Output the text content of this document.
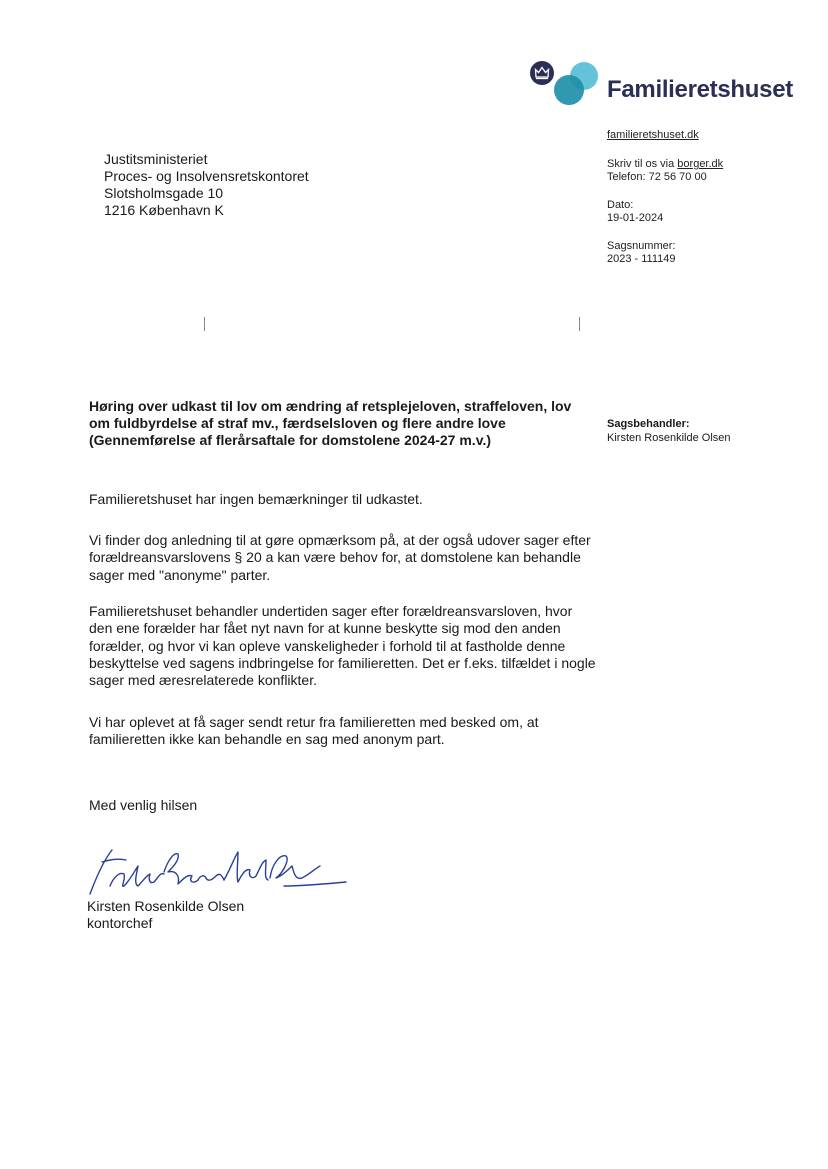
Familieretshuset
familieretshuset.dk
Skriv til os via borger.dk
Telefon: 72 56 70 00
Dato:
19-01-2024
Sagsnummer:
2023 - 111149
Justitsministeriet
Proces- og Insolvensretskontoret
Slotsholmsgade 10
1216 København K
Høring over udkast til lov om ændring af retsplejeloven, straffeloven, lov om fuldbyrdelse af straf mv., færdselsloven og flere andre love (Gennemførelse af flerårsaftale for domstolene 2024-27 m.v.)
Sagsbehandler:
Kirsten Rosenkilde Olsen
Familieretshuset har ingen bemærkninger til udkastet.
Vi finder dog anledning til at gøre opmærksom på, at der også udover sager efter forældreansvarslovens § 20 a kan være behov for, at domstolene kan behandle sager med "anonyme" parter.
Familieretshuset behandler undertiden sager efter forældreansvarsloven, hvor den ene forælder har fået nyt navn for at kunne beskytte sig mod den anden forælder, og hvor vi kan opleve vanskeligheder i forhold til at fastholde denne beskyttelse ved sagens indbringelse for familieretten. Det er f.eks. tilfældet i nogle sager med æresrelaterede konflikter.
Vi har oplevet at få sager sendt retur fra familieretten med besked om, at familieretten ikke kan behandle en sag med anonym part.
Med venlig hilsen
Kirsten Rosenkilde Olsen
kontorchef
